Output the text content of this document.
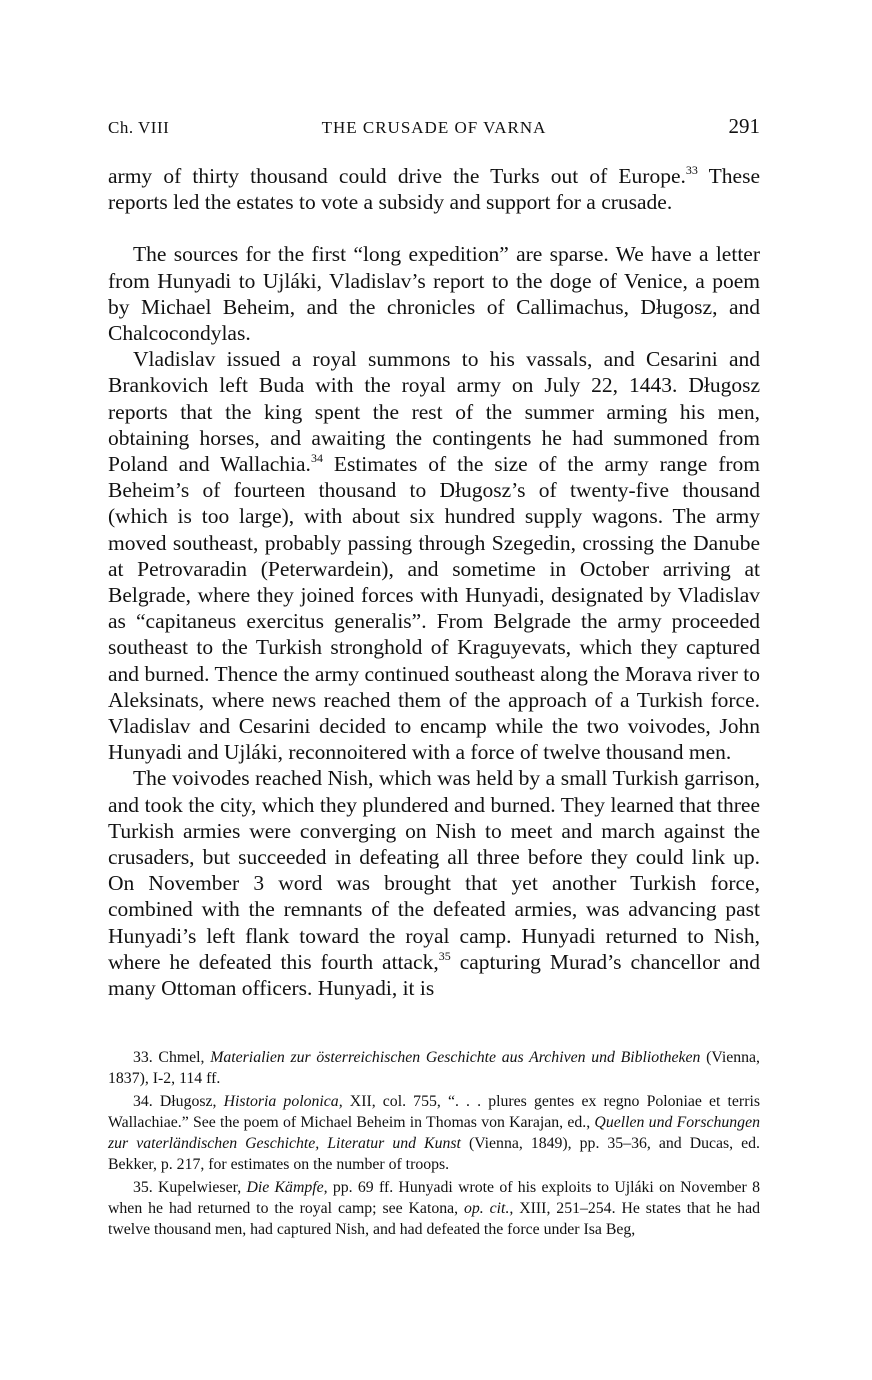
Ch. VIII	THE CRUSADE OF VARNA	291

army of thirty thousand could drive the Turks out of Europe.$^{33}$ These reports led the estates to vote a subsidy and support for a crusade.

The sources for the first “long expedition” are sparse. We have a letter from Hunyadi to Ujláki, Vladislav’s report to the doge of Venice, a poem by Michael Beheim, and the chronicles of Callimachus, Długosz, and Chalcocondylas.

Vladislav issued a royal summons to his vassals, and Cesarini and Brankovich left Buda with the royal army on July 22, 1443. Długosz reports that the king spent the rest of the summer arming his men, obtaining horses, and awaiting the contingents he had summoned from Poland and Wallachia.$^{34}$ Estimates of the size of the army range from Beheim’s of fourteen thousand to Długosz’s of twenty-five thousand (which is too large), with about six hundred supply wagons. The army moved southeast, probably passing through Szegedin, crossing the Danube at Petrovaradin (Peterwardein), and sometime in October arriving at Belgrade, where they joined forces with Hunyadi, designated by Vladislav as “capitaneus exercitus generalis”. From Belgrade the army proceeded southeast to the Turkish stronghold of Kraguyevats, which they captured and burned. Thence the army continued southeast along the Morava river to Aleksinats, where news reached them of the approach of a Turkish force. Vladislav and Cesarini decided to encamp while the two voivodes, John Hunyadi and Ujláki, reconnoitered with a force of twelve thousand men.

The voivodes reached Nish, which was held by a small Turkish garrison, and took the city, which they plundered and burned. They learned that three Turkish armies were converging on Nish to meet and march against the crusaders, but succeeded in defeating all three before they could link up. On November 3 word was brought that yet another Turkish force, combined with the remnants of the defeated armies, was advancing past Hunyadi’s left flank toward the royal camp. Hunyadi returned to Nish, where he defeated this fourth attack,$^{35}$ capturing Murad’s chancellor and many Ottoman officers. Hunyadi, it is

33. Chmel, Materialien zur österreichischen Geschichte aus Archiven und Bibliotheken (Vienna, 1837), I-2, 114 ff.

34. Długosz, Historia polonica, XII, col. 755, “. . . plures gentes ex regno Poloniae et terris Wallachiae.” See the poem of Michael Beheim in Thomas von Karajan, ed., Quellen und Forschungen zur vaterländischen Geschichte, Literatur und Kunst (Vienna, 1849), pp. 35–36, and Ducas, ed. Bekker, p. 217, for estimates on the number of troops.

35. Kupelwieser, Die Kämpfe, pp. 69 ff. Hunyadi wrote of his exploits to Ujláki on November 8 when he had returned to the royal camp; see Katona, op. cit., XIII, 251–254. He states that he had twelve thousand men, had captured Nish, and had defeated the force under Isa Beg,
